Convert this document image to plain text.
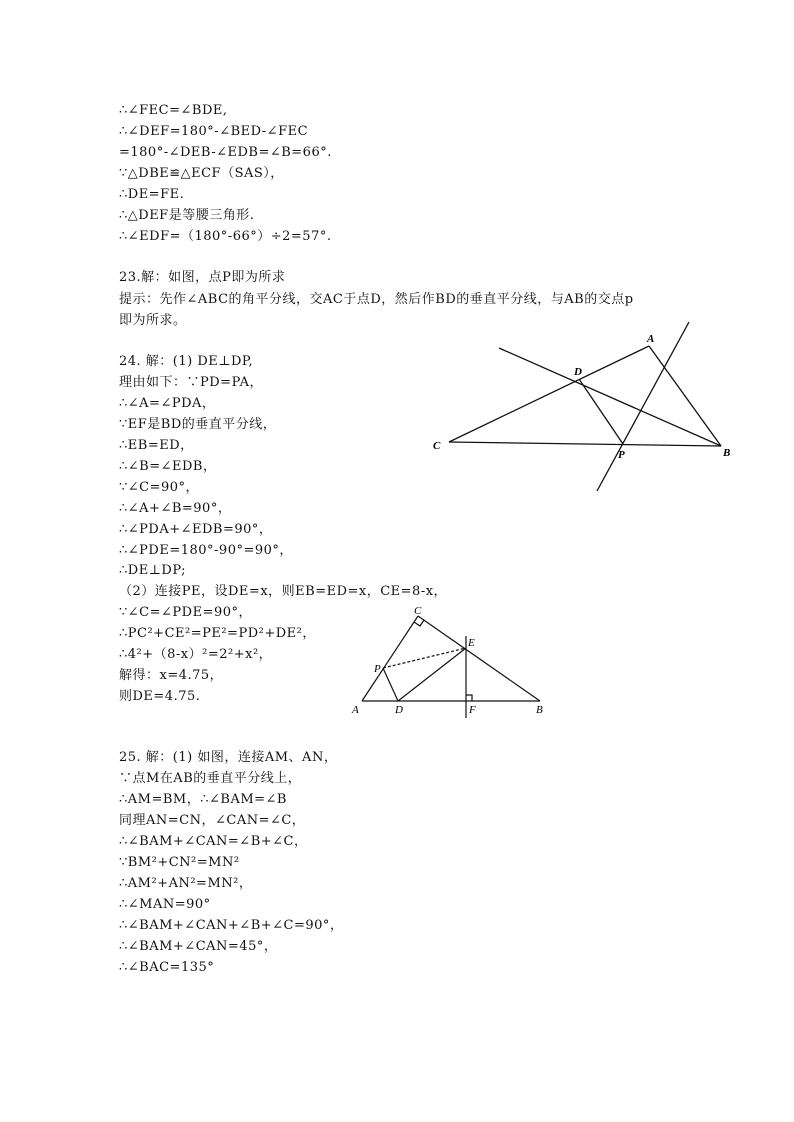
∴∠FEC=∠BDE,
∴∠DEF=180°-∠BED-∠FEC
=180°-∠DEB-∠EDB=∠B=66°.
∵△DBE≌△ECF（SAS），
∴DE=FE.
∴△DEF是等腰三角形.
∴∠EDF=（180°-66°）÷2=57°.
23.解：如图，点P即为所求
提示：先作∠ABC的角平分线，交AC于点D，然后作BD的垂直平分线，与AB的交点p
即为所求。
24. 解：(1) DE⊥DP,
理由如下：∵PD=PA，
∴∠A=∠PDA，
∵EF是BD的垂直平分线，
∴EB=ED，
∴∠B=∠EDB，
∵∠C=90°，
∴∠A+∠B=90°，
∴∠PDA+∠EDB=90°，
∴∠PDE=180°-90°=90°，
∴DE⊥DP;
（2）连接PE，设DE=x，则EB=ED=x，CE=8-x，
∵∠C=∠PDE=90°，
∴PC²+CE²=PE²=PD²+DE²，
∴4²+（8-x）²=2²+x²，
解得：x=4.75，
则DE=4.75.
A
D
C
P	B
C
E
P
A	D	F	B
25. 解：(1) 如图，连接AM、AN，
∵点M在AB的垂直平分线上，
∴AM=BM，∴∠BAM=∠B
同理AN=CN，∠CAN=∠C，
∴∠BAM+∠CAN=∠B+∠C，
∵BM²+CN²=MN²
∴AM²+AN²=MN²，
∴∠MAN=90°
∴∠BAM+∠CAN+∠B+∠C=90°，
∴∠BAM+∠CAN=45°，
∴∠BAC=135°
